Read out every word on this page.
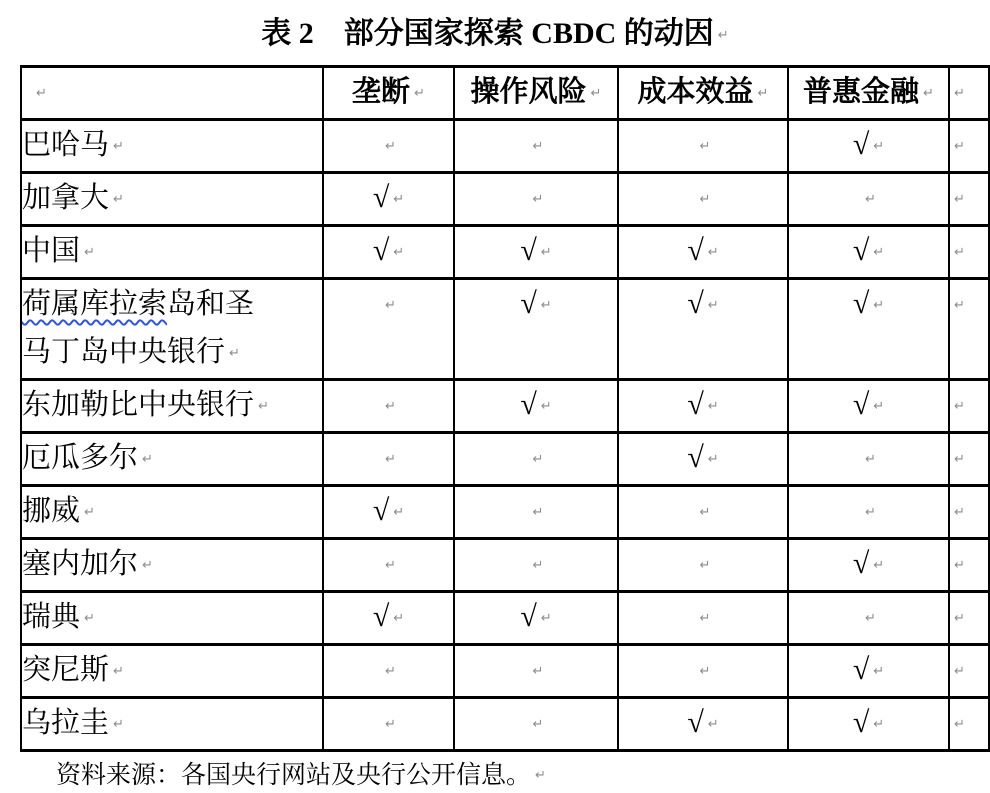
表 2　部分国家探索 CBDC 的动因 ↵
↵	垄断 ↵	操作风险 ↵	成本效益 ↵	普惠金融 ↵	↵
巴哈马 ↵	↵	↵	↵	√ ↵	↵
加拿大 ↵	√ ↵	↵	↵	↵	↵
中国 ↵	√ ↵	√ ↵	√ ↵	√ ↵	↵
荷属库拉索岛和圣
马丁岛中央银行 ↵	↵	√ ↵	√ ↵	√ ↵	↵
东加勒比中央银行 ↵	↵	√ ↵	√ ↵	√ ↵	↵
厄瓜多尔 ↵	↵	↵	√ ↵	↵	↵
挪威 ↵	√ ↵	↵	↵	↵	↵
塞内加尔 ↵	↵	↵	↵	√ ↵	↵
瑞典 ↵	√ ↵	√ ↵	↵	↵	↵
突尼斯 ↵	↵	↵	↵	√ ↵	↵
乌拉圭 ↵	↵	↵	√ ↵	√ ↵	↵
资料来源：各国央行网站及央行公开信息。 ↵
